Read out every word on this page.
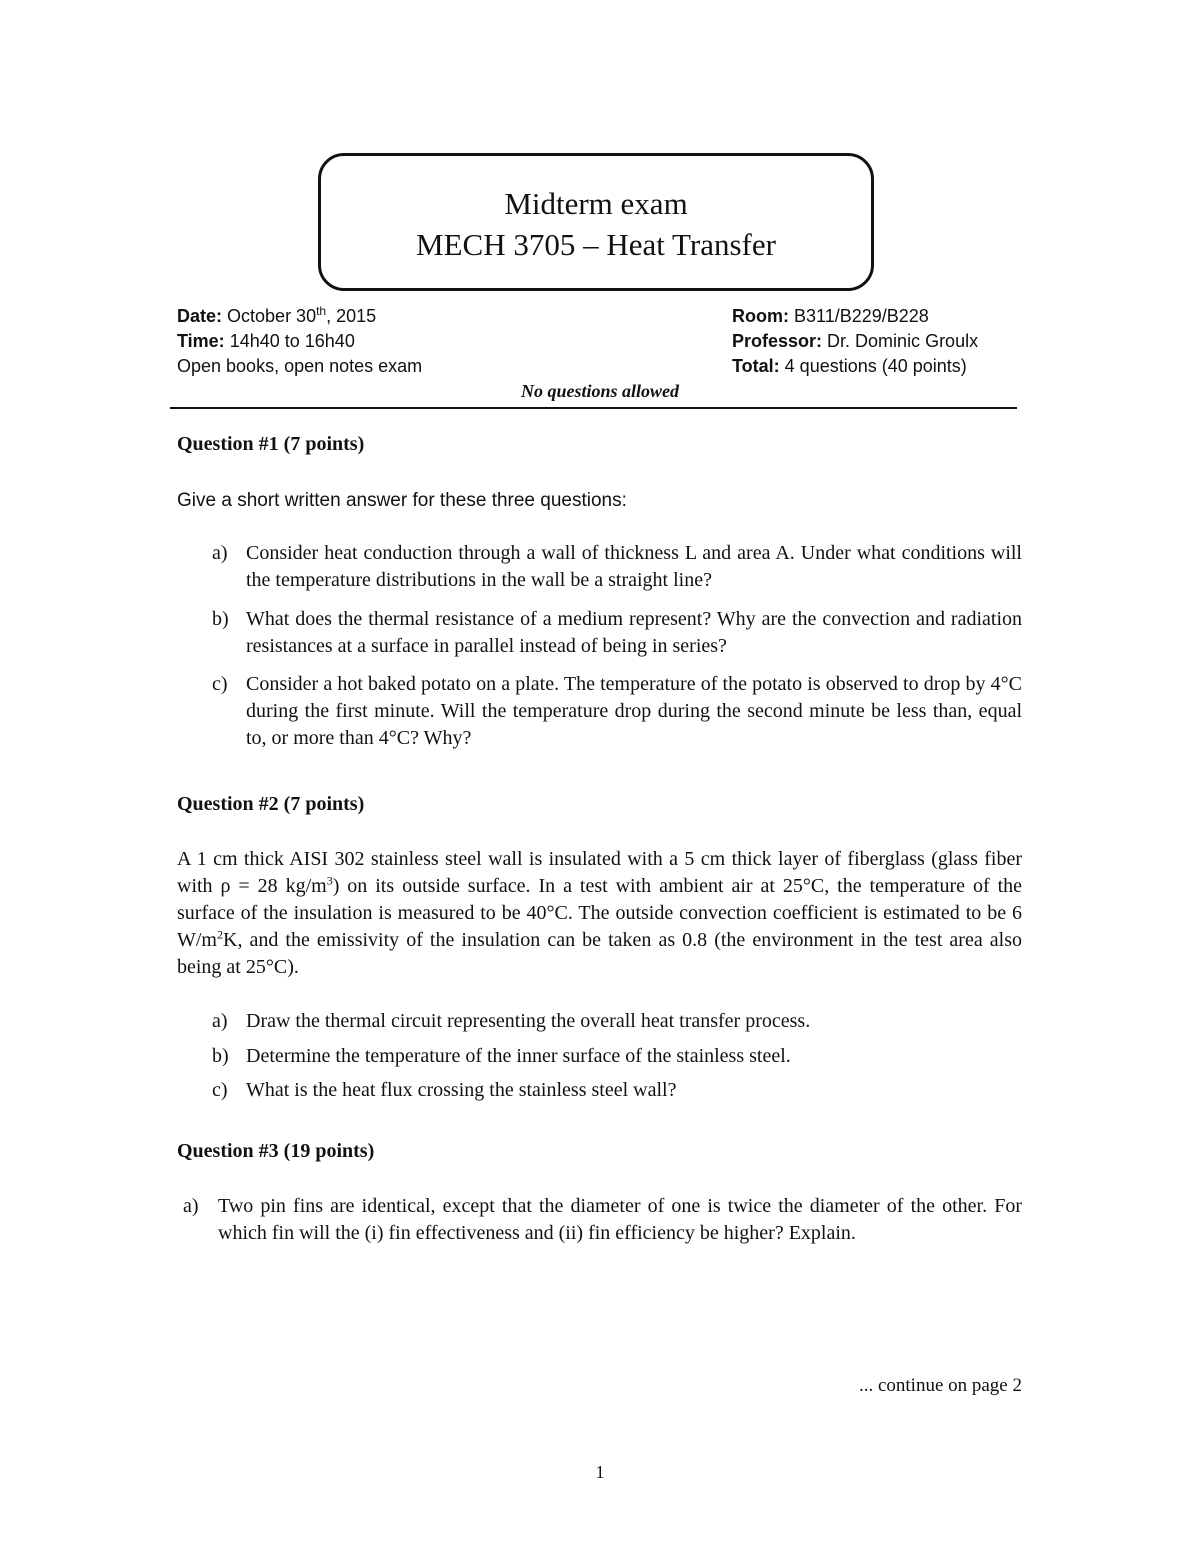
Midterm exam
MECH 3705 – Heat Transfer
Date: October 30th, 2015
Time: 14h40 to 16h40
Open books, open notes exam
Room: B311/B229/B228
Professor: Dr. Dominic Groulx
Total: 4 questions (40 points)
No questions allowed
Question #1 (7 points)
Give a short written answer for these three questions:
a) Consider heat conduction through a wall of thickness L and area A. Under what conditions will the temperature distributions in the wall be a straight line?
b) What does the thermal resistance of a medium represent? Why are the convection and radiation resistances at a surface in parallel instead of being in series?
c) Consider a hot baked potato on a plate. The temperature of the potato is observed to drop by 4°C during the first minute. Will the temperature drop during the second minute be less than, equal to, or more than 4°C? Why?
Question #2 (7 points)
A 1 cm thick AISI 302 stainless steel wall is insulated with a 5 cm thick layer of fiberglass (glass fiber with ρ = 28 $kg/m^3$) on its outside surface. In a test with ambient air at 25°C, the temperature of the surface of the insulation is measured to be 40°C. The outside convection coefficient is estimated to be 6 $W/m^2K$, and the emissivity of the insulation can be taken as 0.8 (the environment in the test area also being at 25°C).
a) Draw the thermal circuit representing the overall heat transfer process.
b) Determine the temperature of the inner surface of the stainless steel.
c) What is the heat flux crossing the stainless steel wall?
Question #3 (19 points)
a) Two pin fins are identical, except that the diameter of one is twice the diameter of the other. For which fin will the (i) fin effectiveness and (ii) fin efficiency be higher? Explain.
... continue on page 2
1
